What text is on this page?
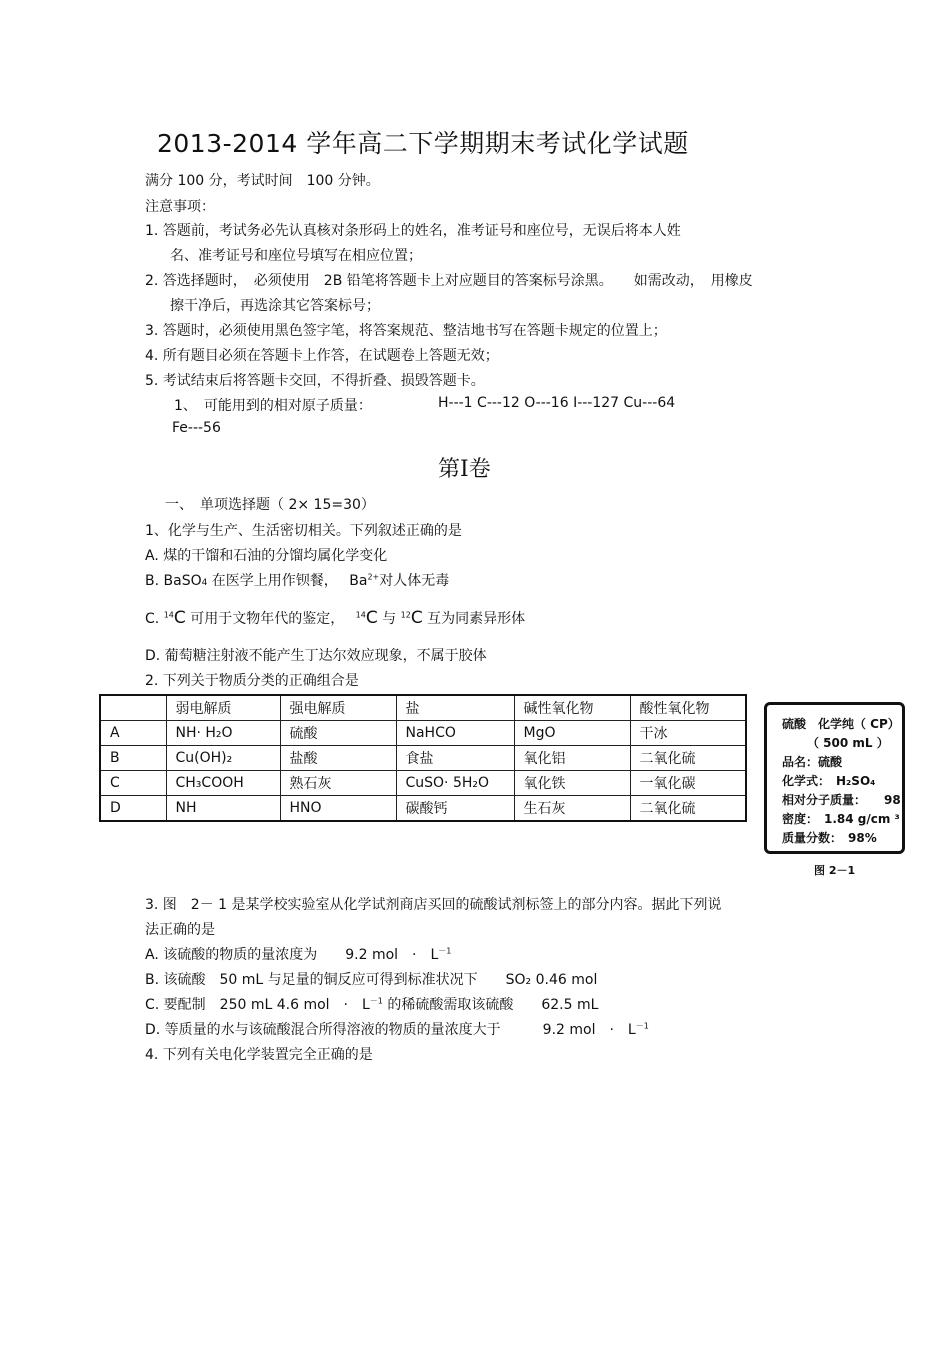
2013-2014 学年高二下学期期末考试化学试题
满分 100 分，考试时间　100 分钟。
注意事项：
1. 答题前，考试务必先认真核对条形码上的姓名，准考证号和座位号，无误后将本人姓
名、准考证号和座位号填写在相应位置；
2. 答选择题时，　必须使用　2B 铅笔将答题卡上对应题目的答案标号涂黑。　　如需改动，　用橡皮
擦干净后，再选涂其它答案标号；
3. 答题时，必须使用黑色签字笔，将答案规范、整洁地书写在答题卡规定的位置上；
4. 所有题目必须在答题卡上作答，在试题卷上答题无效；
5. 考试结束后将答题卡交回，不得折叠、损毁答题卡。
1、　可能用到的相对原子质量：	H---1 C---12 O---16 I---127 Cu---64
Fe---56
第Ⅰ卷
一、　单项选择题（ 2× 15=30）
1、化学与生产、生活密切相关。下列叙述正确的是
A. 煤的干馏和石油的分馏均属化学变化
B. BaSO4 在医学上用作钡餐，　 $Ba^{2+}$对人体无毒
C. $^{14}$C 可用于文物年代的鉴定，　 $^{14}$C 与 $^{12}$C 互为同素异形体
D. 葡萄糖注射液不能产生丁达尔效应现象，不属于胶体
2. 下列关于物质分类的正确组合是
	弱电解质	强电解质	盐	碱性氧化物	酸性氧化物
A	NH· H₂O	硫酸	NaHCO	MgO	干冰
B	Cu(OH)₂	盐酸	食盐	氧化铝	二氧化硫
C	CH₃COOH	熟石灰	CuSO· 5H₂O	氧化铁	一氧化碳
D	NH	HNO	碳酸钙	生石灰	二氧化硫
硫酸　化学纯（ CP）
（ 500 mL ）
品名：硫酸
化学式：　H₂SO₄
相对分子质量：　　98
密度：　1.84 g/cm ³
质量分数：　98%
图 2－1
3. 图　2－ 1 是某学校实验室从化学试剂商店买回的硫酸试剂标签上的部分内容。据此下列说
法正确的是
A. 该硫酸的物质的量浓度为　　9.2 mol　·　$L^{-1}$
B. 该硫酸　50 mL 与足量的铜反应可得到标准状况下　　SO₂ 0.46 mol
C. 要配制　250 mL 4.6 mol　·　$L^{-1}$ 的稀硫酸需取该硫酸　　62.5 mL
D. 等质量的水与该硫酸混合所得溶液的物质的量浓度大于　　　9.2 mol　·　$L^{-1}$
4. 下列有关电化学装置完全正确的是
